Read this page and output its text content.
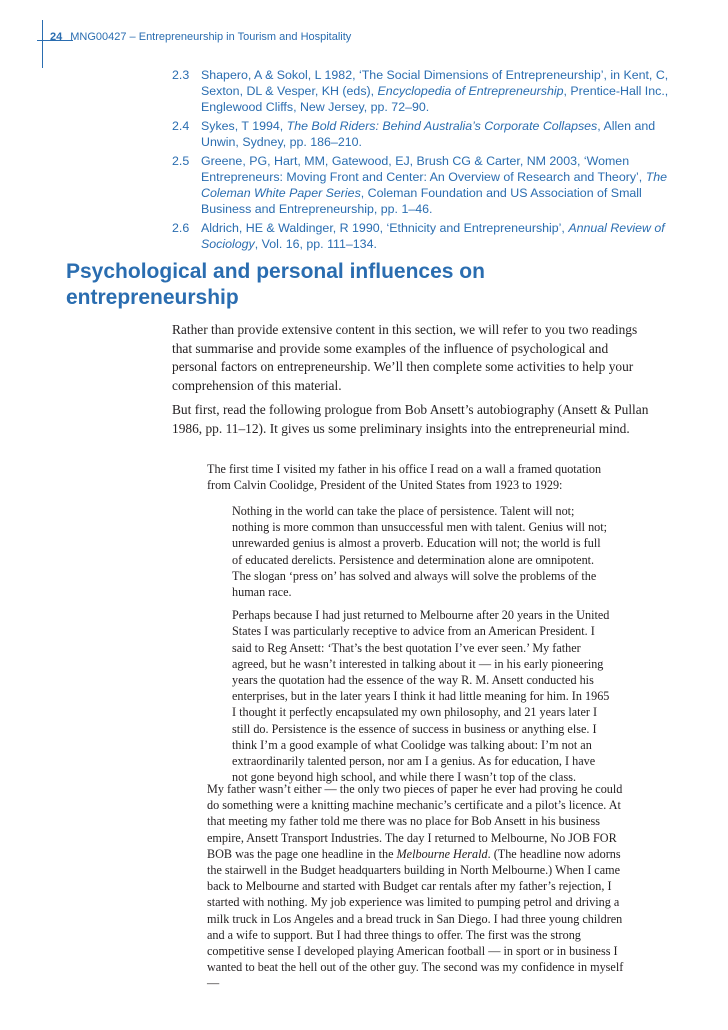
24 MNG00427 – Entrepreneurship in Tourism and Hospitality
2.3 Shapero, A & Sokol, L 1982, ‘The Social Dimensions of Entrepreneurship’, in Kent, C, Sexton, DL & Vesper, KH (eds), Encyclopedia of Entrepreneurship, Prentice-Hall Inc., Englewood Cliffs, New Jersey, pp. 72–90.
2.4 Sykes, T 1994, The Bold Riders: Behind Australia’s Corporate Collapses, Allen and Unwin, Sydney, pp. 186–210.
2.5 Greene, PG, Hart, MM, Gatewood, EJ, Brush CG & Carter, NM 2003, ‘Women Entrepreneurs: Moving Front and Center: An Overview of Research and Theory’, The Coleman White Paper Series, Coleman Foundation and US Association of Small Business and Entrepreneurship, pp. 1–46.
2.6 Aldrich, HE & Waldinger, R 1990, ‘Ethnicity and Entrepreneurship’, Annual Review of Sociology, Vol. 16, pp. 111–134.
Psychological and personal influences on entrepreneurship

Rather than provide extensive content in this section, we will refer to you two readings that summarise and provide some examples of the influence of psychological and personal factors on entrepreneurship. We’ll then complete some activities to help your comprehension of this material.

But first, read the following prologue from Bob Ansett’s autobiography (Ansett & Pullan 1986, pp. 11–12). It gives us some preliminary insights into the entrepreneurial mind.

The first time I visited my father in his office I read on a wall a framed quotation from Calvin Coolidge, President of the United States from 1923 to 1929:

Nothing in the world can take the place of persistence. Talent will not; nothing is more common than unsuccessful men with talent. Genius will not; unrewarded genius is almost a proverb. Education will not; the world is full of educated derelicts. Persistence and determination alone are omnipotent. The slogan ‘press on’ has solved and always will solve the problems of the human race.

Perhaps because I had just returned to Melbourne after 20 years in the United States I was particularly receptive to advice from an American President. I said to Reg Ansett: ‘That’s the best quotation I’ve ever seen.’ My father agreed, but he wasn’t interested in talking about it — in his early pioneering years the quotation had the essence of the way R. M. Ansett conducted his enterprises, but in the later years I think it had little meaning for him. In 1965 I thought it perfectly encapsulated my own philosophy, and 21 years later I still do. Persistence is the essence of success in business or anything else. I think I’m a good example of what Coolidge was talking about: I’m not an extraordinarily talented person, nor am I a genius. As for education, I have not gone beyond high school, and while there I wasn’t top of the class.

My father wasn’t either — the only two pieces of paper he ever had proving he could do something were a knitting machine mechanic’s certificate and a pilot’s licence. At that meeting my father told me there was no place for Bob Ansett in his business empire, Ansett Transport Industries. The day I returned to Melbourne, No JOB FOR BOB was the page one headline in the Melbourne Herald. (The headline now adorns the stairwell in the Budget headquarters building in North Melbourne.) When I came back to Melbourne and started with Budget car rentals after my father’s rejection, I started with nothing. My job experience was limited to pumping petrol and driving a milk truck in Los Angeles and a bread truck in San Diego. I had three young children and a wife to support. But I had three things to offer. The first was the strong competitive sense I developed playing American football — in sport or in business I wanted to beat the hell out of the other guy. The second was my confidence in myself —
